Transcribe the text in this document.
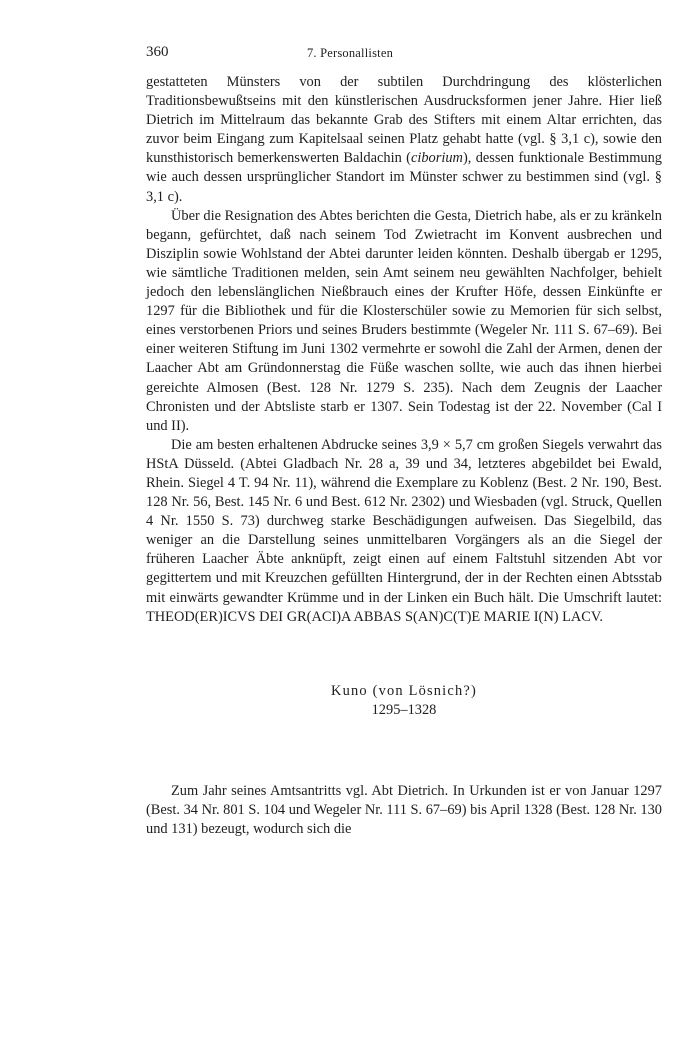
360	7. Personallisten

gestatteten Münsters von der subtilen Durchdringung des klösterlichen Traditionsbewußtseins mit den künstlerischen Ausdrucksformen jener Jahre. Hier ließ Dietrich im Mittelraum das bekannte Grab des Stifters mit einem Altar errichten, das zuvor beim Eingang zum Kapitelsaal seinen Platz gehabt hatte (vgl. § 3,1 c), sowie den kunsthistorisch bemerkenswerten Baldachin (ciborium), dessen funktionale Bestimmung wie auch dessen ursprünglicher Standort im Münster schwer zu bestimmen sind (vgl. § 3,1 c).

Über die Resignation des Abtes berichten die Gesta, Dietrich habe, als er zu kränkeln begann, gefürchtet, daß nach seinem Tod Zwietracht im Konvent ausbrechen und Disziplin sowie Wohlstand der Abtei darunter leiden könnten. Deshalb übergab er 1295, wie sämtliche Traditionen melden, sein Amt seinem neu gewählten Nachfolger, behielt jedoch den lebenslänglichen Nießbrauch eines der Krufter Höfe, dessen Einkünfte er 1297 für die Bibliothek und für die Klosterschüler sowie zu Memorien für sich selbst, eines verstorbenen Priors und seines Bruders bestimmte (Wegeler Nr. 111 S. 67–69). Bei einer weiteren Stiftung im Juni 1302 vermehrte er sowohl die Zahl der Armen, denen der Laacher Abt am Gründonnerstag die Füße waschen sollte, wie auch das ihnen hierbei gereichte Almosen (Best. 128 Nr. 1279 S. 235). Nach dem Zeugnis der Laacher Chronisten und der Abtsliste starb er 1307. Sein Todestag ist der 22. November (Cal I und II).

Die am besten erhaltenen Abdrucke seines 3,9 × 5,7 cm großen Siegels verwahrt das HStA Düsseld. (Abtei Gladbach Nr. 28 a, 39 und 34, letzteres abgebildet bei Ewald, Rhein. Siegel 4 T. 94 Nr. 11), während die Exemplare zu Koblenz (Best. 2 Nr. 190, Best. 128 Nr. 56, Best. 145 Nr. 6 und Best. 612 Nr. 2302) und Wiesbaden (vgl. Struck, Quellen 4 Nr. 1550 S. 73) durchweg starke Beschädigungen aufweisen. Das Siegelbild, das weniger an die Darstellung seines unmittelbaren Vorgängers als an die Siegel der früheren Laacher Äbte anknüpft, zeigt einen auf einem Faltstuhl sitzenden Abt vor gegittertem und mit Kreuzchen gefüllten Hintergrund, der in der Rechten einen Abtsstab mit einwärts gewandter Krümme und in der Linken ein Buch hält. Die Umschrift lautet: THEOD(ER)ICVS DEI GR(ACI)A ABBAS S(AN)C(T)E MARIE I(N) LACV.

Kuno (von Lösnich?)
1295–1328

Zum Jahr seines Amtsantritts vgl. Abt Dietrich. In Urkunden ist er von Januar 1297 (Best. 34 Nr. 801 S. 104 und Wegeler Nr. 111 S. 67–69) bis April 1328 (Best. 128 Nr. 130 und 131) bezeugt, wodurch sich die
